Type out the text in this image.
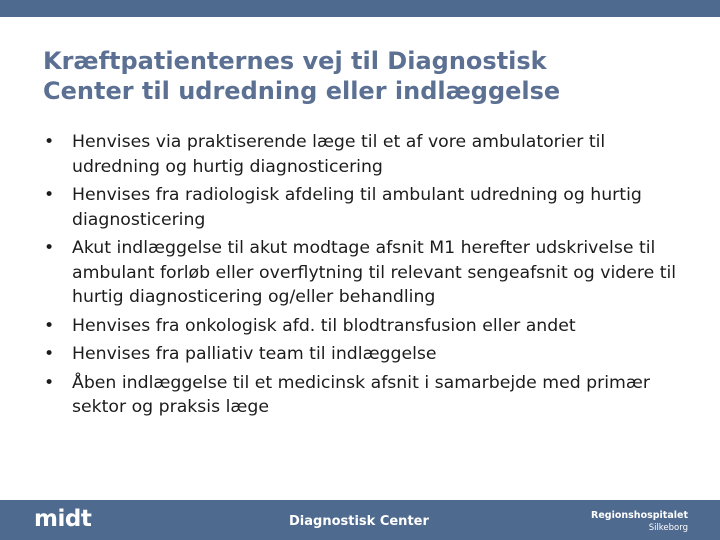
Kræftpatienternes vej til Diagnostisk
Center til udredning eller indlæggelse
• Henvises via praktiserende læge til et af vore ambulatorier til udredning og hurtig diagnosticering
• Henvises fra radiologisk afdeling til ambulant udredning og hurtig diagnosticering
• Akut indlæggelse til akut modtage afsnit M1 herefter udskrivelse til ambulant forløb eller overflytning til relevant sengeafsnit og videre til hurtig diagnosticering og/eller behandling
• Henvises fra onkologisk afd. til blodtransfusion eller andet
• Henvises fra palliativ team til indlæggelse
• Åben indlæggelse til et medicinsk afsnit i samarbejde med primær sektor og praksis læge
midt	Diagnostisk Center	Regionshospitalet
Silkeborg
